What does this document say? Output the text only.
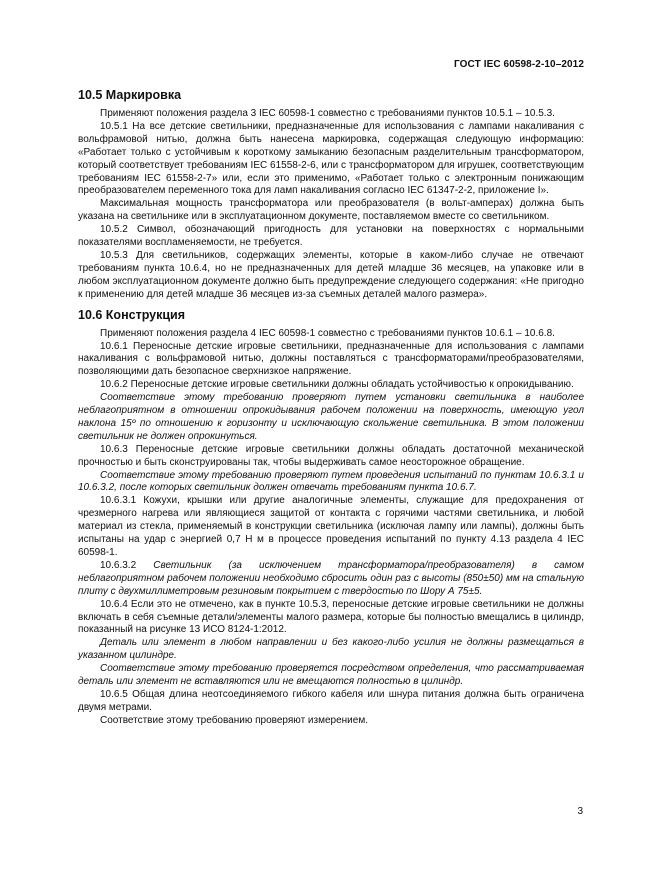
ГОСТ IEC 60598-2-10–2012
10.5 Маркировка

Применяют положения раздела 3 IEC 60598-1 совместно с требованиями пунктов 10.5.1 – 10.5.3.

10.5.1 На все детские светильники, предназначенные для использования с лампами накаливания с вольфрамовой нитью, должна быть нанесена маркировка, содержащая следующую информацию: «Работает только с устойчивым к короткому замыканию безопасным разделительным трансформатором, который соответствует требованиям IEC 61558-2-6, или с трансформатором для игрушек, соответствующим требованиям IEC 61558-2-7» или, если это применимо, «Работает только с электронным понижающим преобразователем переменного тока для ламп накаливания согласно IEC 61347-2-2, приложение I».

Максимальная мощность трансформатора или преобразователя (в вольт-амперах) должна быть указана на светильнике или в эксплуатационном документе, поставляемом вместе со светильником.

10.5.2 Символ, обозначающий пригодность для установки на поверхностях с нормальными показателями воспламеняемости, не требуется.

10.5.3 Для светильников, содержащих элементы, которые в каком-либо случае не отвечают требованиям пункта 10.6.4, но не предназначенных для детей младше 36 месяцев, на упаковке или в любом эксплуатационном документе должно быть предупреждение следующего содержания: «Не пригодно к применению для детей младше 36 месяцев из-за съемных деталей малого размера».

10.6 Конструкция

Применяют положения раздела 4 IEC 60598-1 совместно с требованиями пунктов 10.6.1 – 10.6.8.

10.6.1 Переносные детские игровые светильники, предназначенные для использования с лампами накаливания с вольфрамовой нитью, должны поставляться с трансформаторами/преобразователями, позволяющими дать безопасное сверхнизкое напряжение.

10.6.2 Переносные детские игровые светильники должны обладать устойчивостью к опрокидыванию.

Соответствие этому требованию проверяют путем установки светильника в наиболее неблагоприятном в отношении опрокидывания рабочем положении на поверхность, имеющую угол наклона 15º по отношению к горизонту и исключающую скольжение светильника. В этом положении светильник не должен опрокинуться.

10.6.3 Переносные детские игровые светильники должны обладать достаточной механической прочностью и быть сконструированы так, чтобы выдерживать самое неосторожное обращение.

Соответствие этому требованию проверяют путем проведения испытаний по пунктам 10.6.3.1 и 10.6.3.2, после которых светильник должен отвечать требованиям пункта 10.6.7.

10.6.3.1 Кожухи, крышки или другие аналогичные элементы, служащие для предохранения от чрезмерного нагрева или являющиеся защитой от контакта с горячими частями светильника, и любой материал из стекла, применяемый в конструкции светильника (исключая лампу или лампы), должны быть испытаны на удар с энергией 0,7 Н м в процессе проведения испытаний по пункту 4.13 раздела 4 IEC 60598-1.

10.6.3.2 Светильник (за исключением трансформатора/преобразователя) в самом неблагоприятном рабочем положении необходимо сбросить один раз с высоты (850±50) мм на стальную плиту с двухмиллиметровым резиновым покрытием с твердостью по Шору А 75±5.

10.6.4 Если это не отмечено, как в пункте 10.5.3, переносные детские игровые светильники не должны включать в себя съемные детали/элементы малого размера, которые бы полностью вмещались в цилиндр, показанный на рисунке 13 ИСО 8124-1:2012.

Деталь или элемент в любом направлении и без какого-либо усилия не должны размещаться в указанном цилиндре.

Соответствие этому требованию проверяется посредством определения, что рассматриваемая деталь или элемент не вставляются или не вмещаются полностью в цилиндр.

10.6.5 Общая длина неотсоединяемого гибкого кабеля или шнура питания должна быть ограничена двумя метрами.

Соответствие этому требованию проверяют измерением.

3
